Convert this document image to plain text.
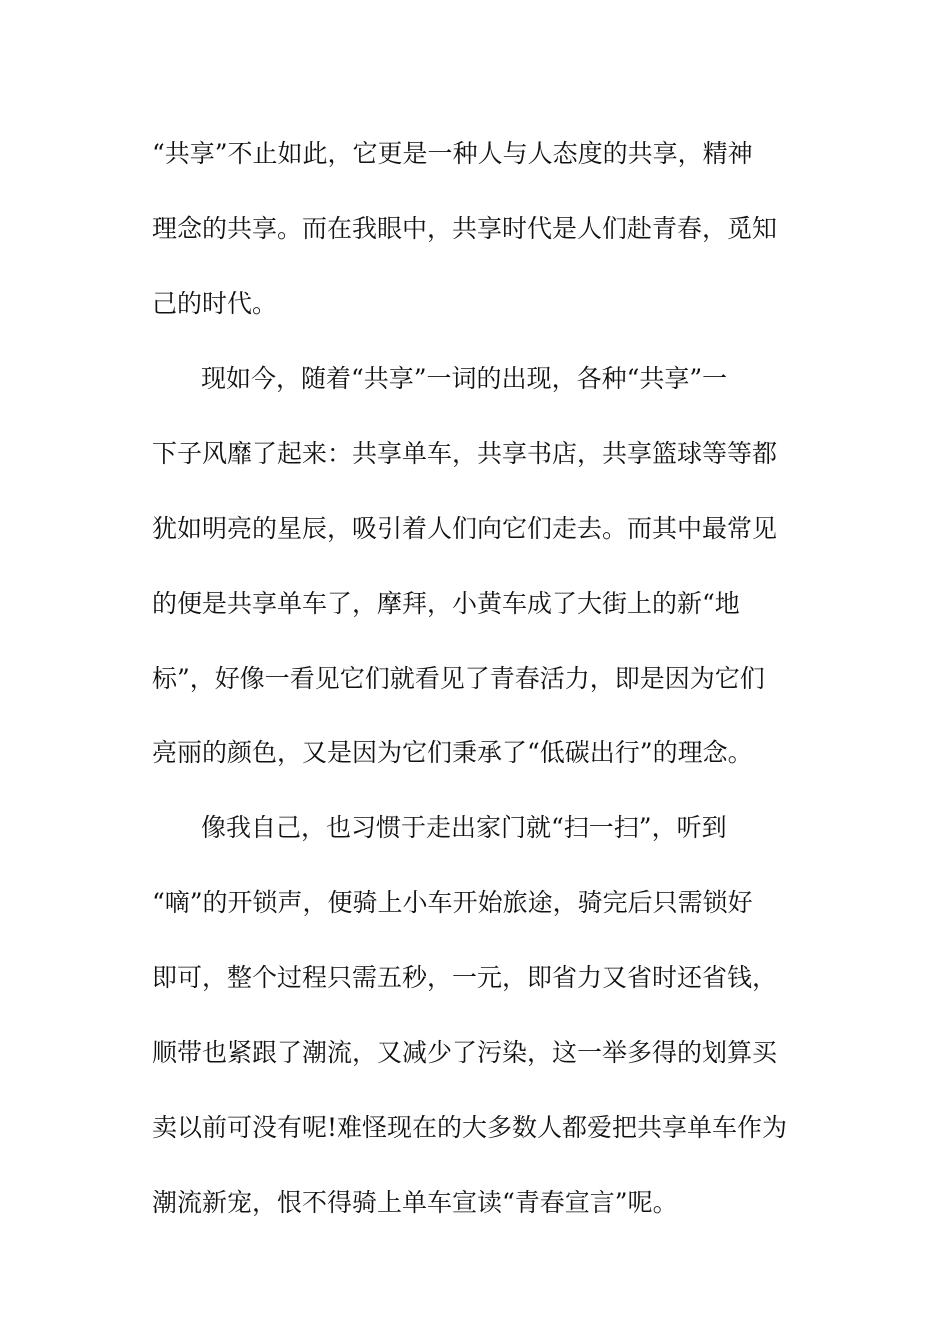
“共享”不止如此，它更是一种人与人态度的共享，精神
理念的共享。而在我眼中，共享时代是人们赴青春，觅知
己的时代。
现如今，随着“共享”一词的出现，各种“共享”一
下子风靡了起来：共享单车，共享书店，共享篮球等等都
犹如明亮的星辰，吸引着人们向它们走去。而其中最常见
的便是共享单车了，摩拜，小黄车成了大街上的新“地
标”，好像一看见它们就看见了青春活力，即是因为它们
亮丽的颜色，又是因为它们秉承了“低碳出行”的理念。
像我自己，也习惯于走出家门就“扫一扫”，听到
“嘀”的开锁声，便骑上小车开始旅途，骑完后只需锁好
即可，整个过程只需五秒，一元，即省力又省时还省钱，
顺带也紧跟了潮流，又减少了污染，这一举多得的划算买
卖以前可没有呢!难怪现在的大多数人都爱把共享单车作为
潮流新宠，恨不得骑上单车宣读“青春宣言”呢。
